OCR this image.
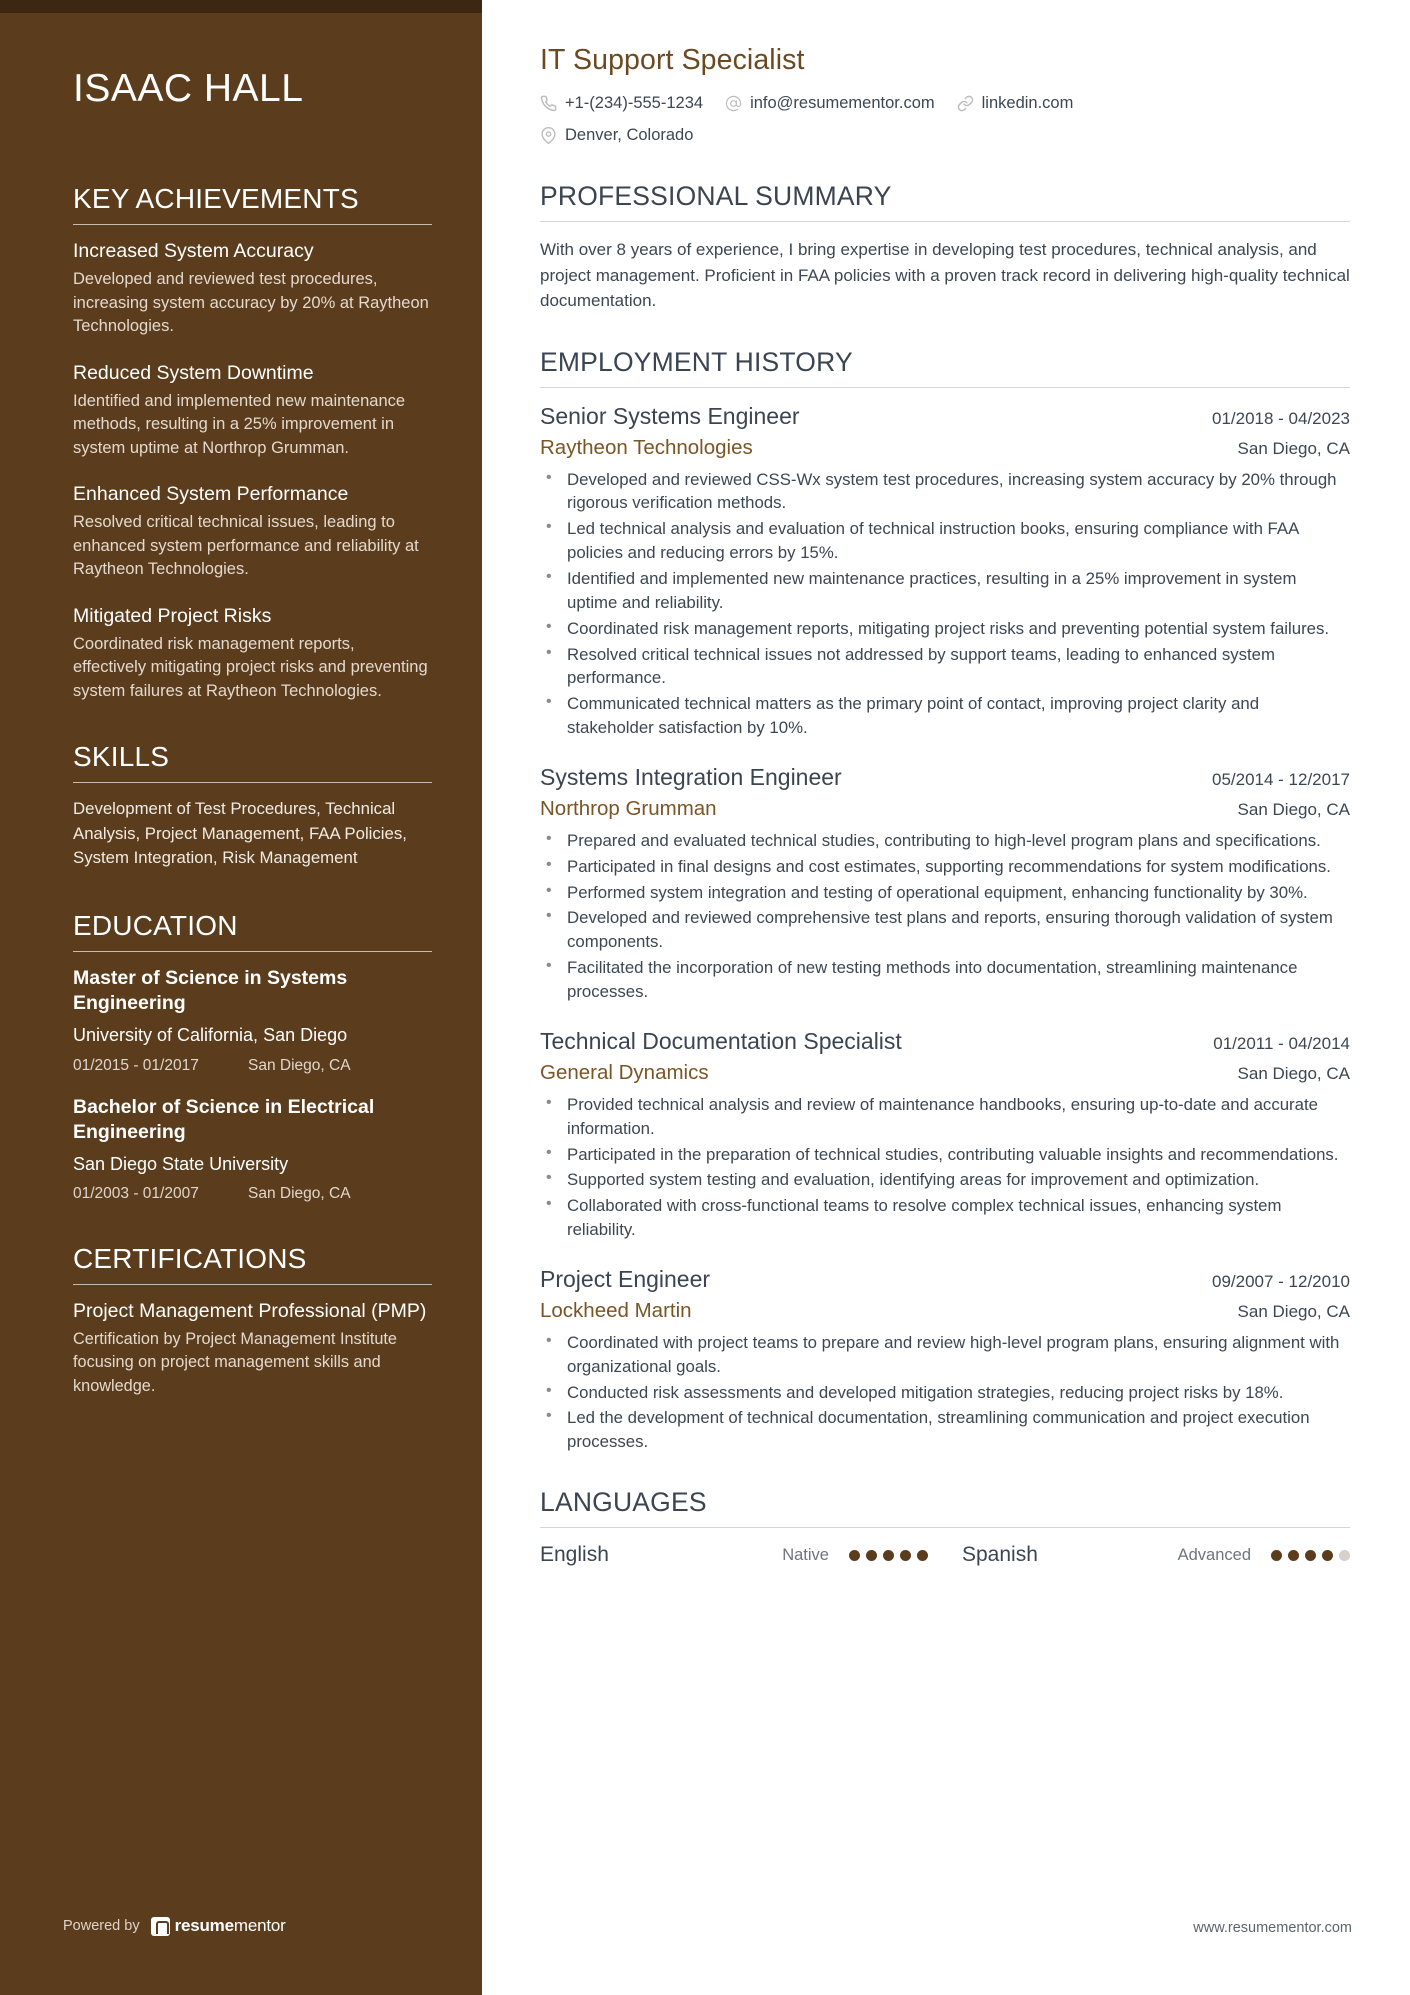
ISAAC HALL
KEY ACHIEVEMENTS
Increased System Accuracy
Developed and reviewed test procedures, increasing system accuracy by 20% at Raytheon Technologies.
Reduced System Downtime
Identified and implemented new maintenance methods, resulting in a 25% improvement in system uptime at Northrop Grumman.
Enhanced System Performance
Resolved critical technical issues, leading to enhanced system performance and reliability at Raytheon Technologies.
Mitigated Project Risks
Coordinated risk management reports, effectively mitigating project risks and preventing system failures at Raytheon Technologies.
SKILLS
Development of Test Procedures, Technical Analysis, Project Management, FAA Policies, System Integration, Risk Management
EDUCATION
Master of Science in Systems Engineering
University of California, San Diego
01/2015 - 01/2017	San Diego, CA
Bachelor of Science in Electrical Engineering
San Diego State University
01/2003 - 01/2007	San Diego, CA
CERTIFICATIONS
Project Management Professional (PMP)
Certification by Project Management Institute focusing on project management skills and knowledge.
Powered by resumementor
IT Support Specialist
+1-(234)-555-1234	info@resumementor.com	linkedin.com
Denver, Colorado
PROFESSIONAL SUMMARY

With over 8 years of experience, I bring expertise in developing test procedures, technical analysis, and project management. Proficient in FAA policies with a proven track record in delivering high-quality technical documentation.

EMPLOYMENT HISTORY
Senior Systems Engineer	01/2018 - 04/2023
Raytheon Technologies	San Diego, CA
• Developed and reviewed CSS-Wx system test procedures, increasing system accuracy by 20% through rigorous verification methods.
• Led technical analysis and evaluation of technical instruction books, ensuring compliance with FAA policies and reducing errors by 15%.
• Identified and implemented new maintenance practices, resulting in a 25% improvement in system uptime and reliability.
• Coordinated risk management reports, mitigating project risks and preventing potential system failures.
• Resolved critical technical issues not addressed by support teams, leading to enhanced system performance.
• Communicated technical matters as the primary point of contact, improving project clarity and stakeholder satisfaction by 10%.
Systems Integration Engineer	05/2014 - 12/2017
Northrop Grumman	San Diego, CA
• Prepared and evaluated technical studies, contributing to high-level program plans and specifications.
• Participated in final designs and cost estimates, supporting recommendations for system modifications.
• Performed system integration and testing of operational equipment, enhancing functionality by 30%.
• Developed and reviewed comprehensive test plans and reports, ensuring thorough validation of system components.
• Facilitated the incorporation of new testing methods into documentation, streamlining maintenance processes.
Technical Documentation Specialist	01/2011 - 04/2014
General Dynamics	San Diego, CA
• Provided technical analysis and review of maintenance handbooks, ensuring up-to-date and accurate information.
• Participated in the preparation of technical studies, contributing valuable insights and recommendations.
• Supported system testing and evaluation, identifying areas for improvement and optimization.
• Collaborated with cross-functional teams to resolve complex technical issues, enhancing system reliability.
Project Engineer	09/2007 - 12/2010
Lockheed Martin	San Diego, CA
• Coordinated with project teams to prepare and review high-level program plans, ensuring alignment with organizational goals.
• Conducted risk assessments and developed mitigation strategies, reducing project risks by 18%.
• Led the development of technical documentation, streamlining communication and project execution processes.
LANGUAGES
English	Native	Spanish	Advanced
www.resumementor.com
